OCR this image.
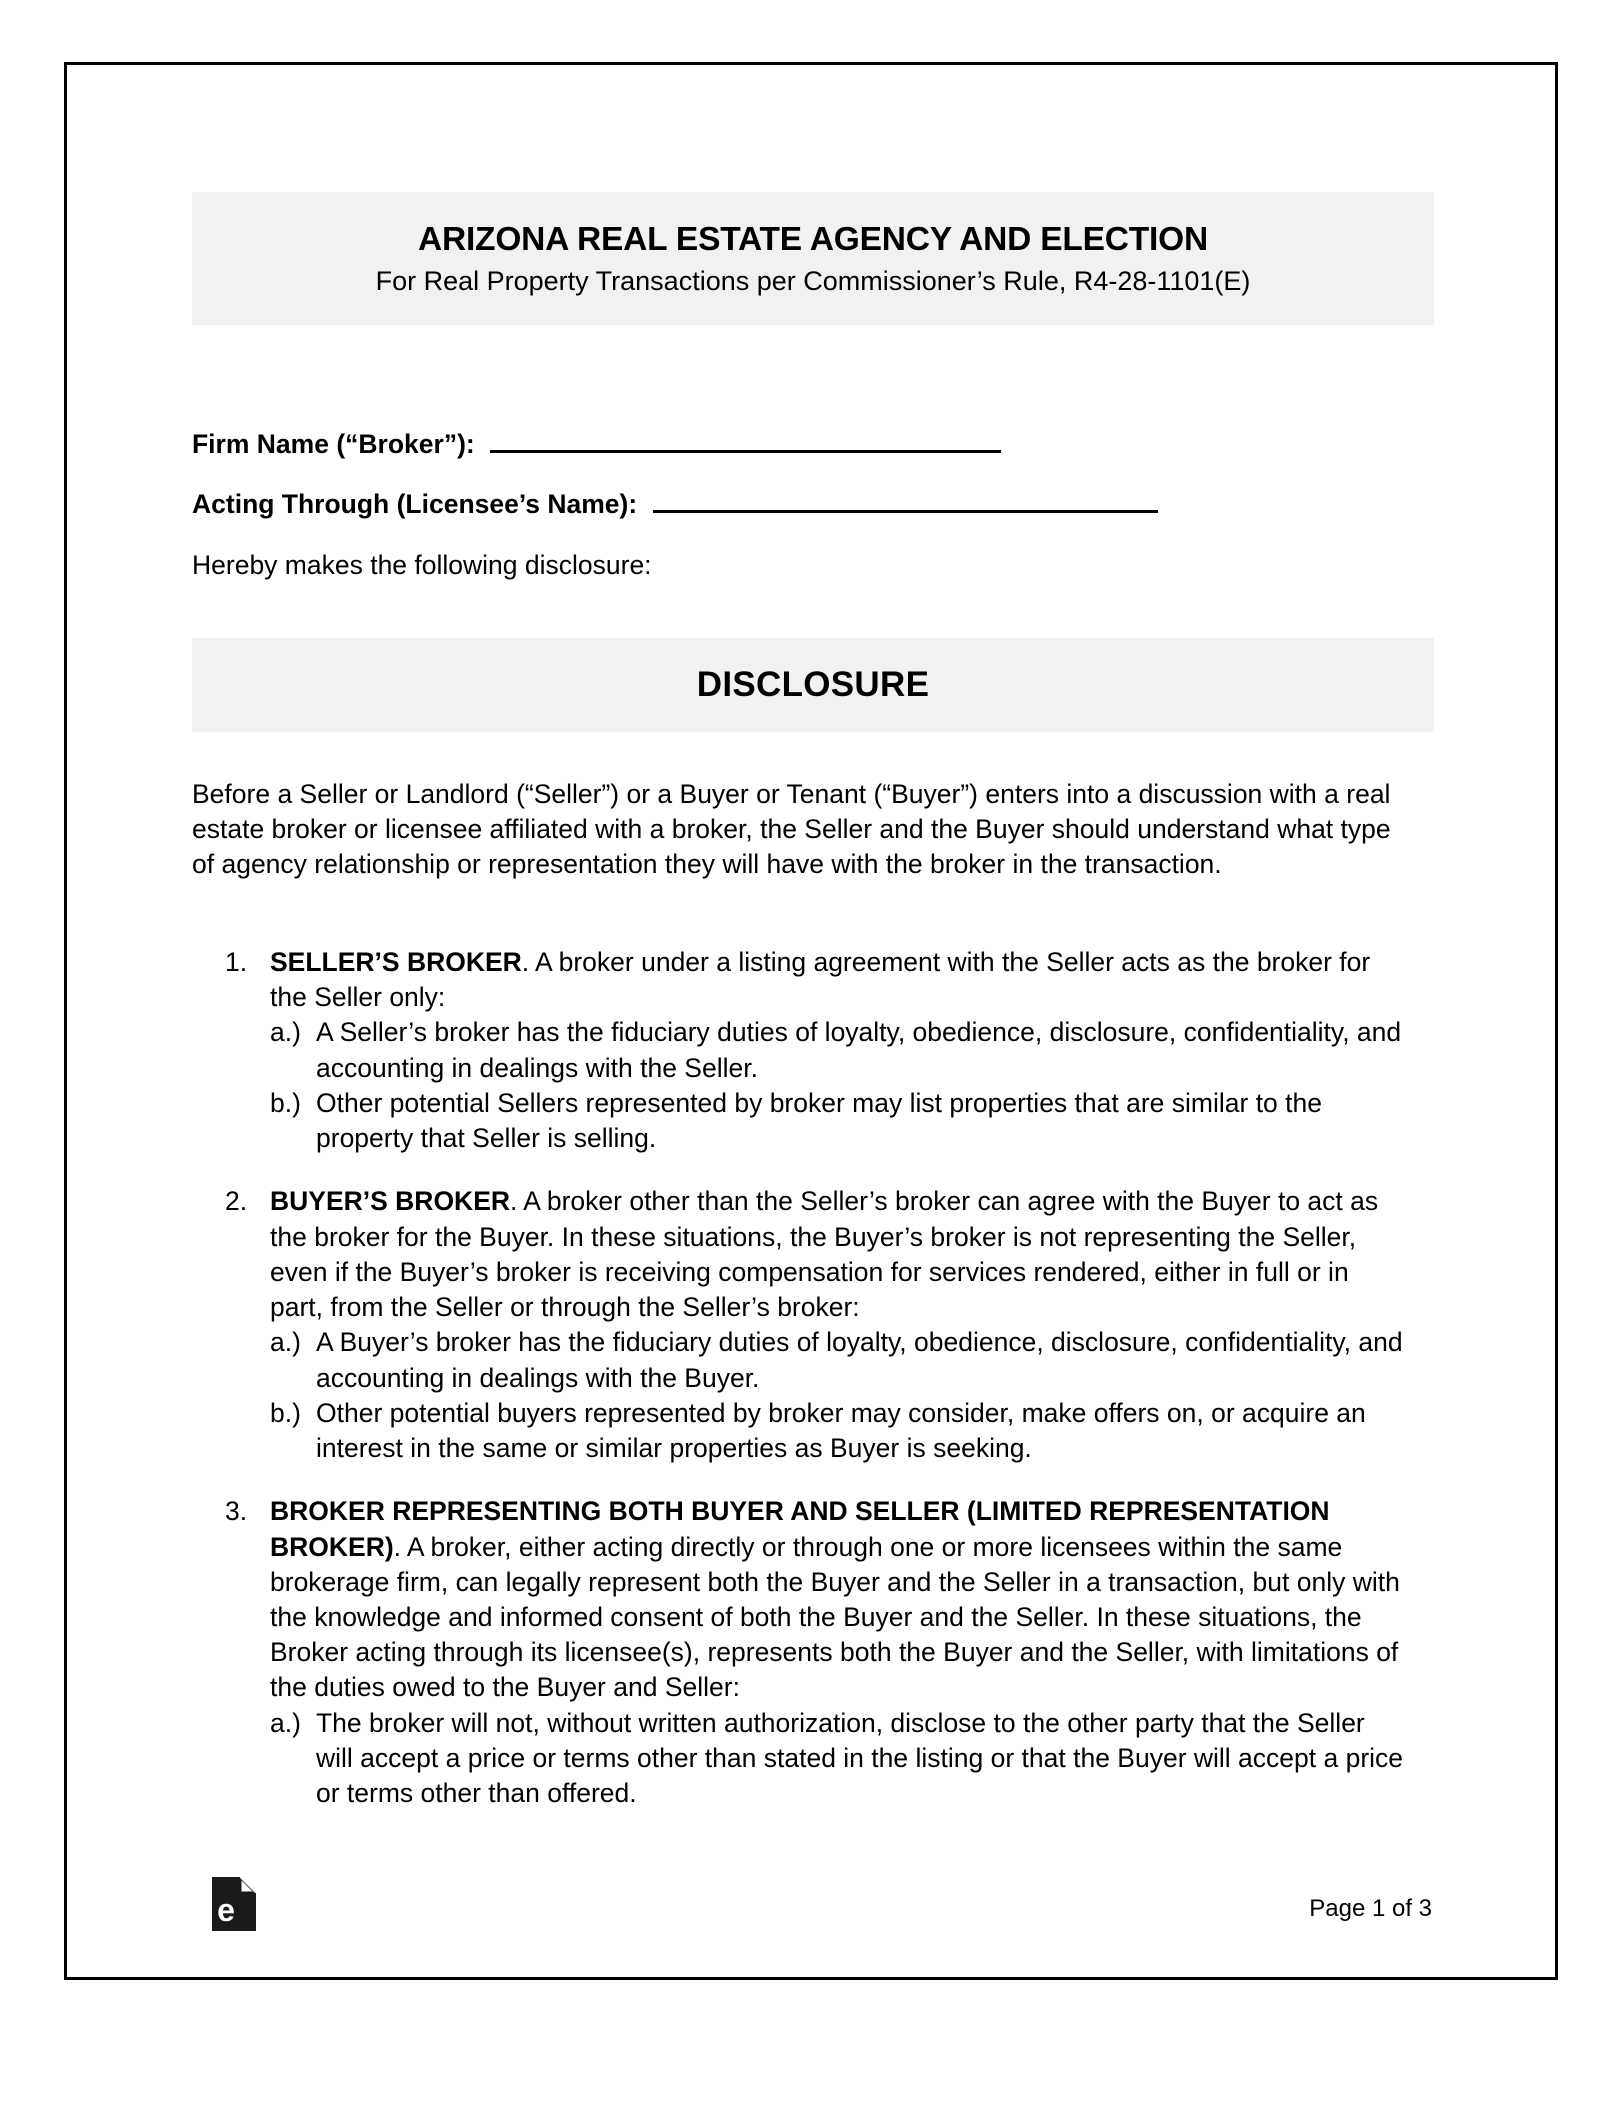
ARIZONA REAL ESTATE AGENCY AND ELECTION
For Real Property Transactions per Commissioner’s Rule, R4-28-1101(E)
Firm Name (“Broker”):
Acting Through (Licensee’s Name):
Hereby makes the following disclosure:
DISCLOSURE
Before a Seller or Landlord (“Seller”) or a Buyer or Tenant (“Buyer”) enters into a discussion with a real estate broker or licensee affiliated with a broker, the Seller and the Buyer should understand what type of agency relationship or representation they will have with the broker in the transaction.
1. SELLER’S BROKER. A broker under a listing agreement with the Seller acts as the broker for the Seller only:
a.) A Seller’s broker has the fiduciary duties of loyalty, obedience, disclosure, confidentiality, and accounting in dealings with the Seller.
b.) Other potential Sellers represented by broker may list properties that are similar to the property that Seller is selling.
2. BUYER’S BROKER. A broker other than the Seller’s broker can agree with the Buyer to act as the broker for the Buyer. In these situations, the Buyer’s broker is not representing the Seller, even if the Buyer’s broker is receiving compensation for services rendered, either in full or in part, from the Seller or through the Seller’s broker:
a.) A Buyer’s broker has the fiduciary duties of loyalty, obedience, disclosure, confidentiality, and accounting in dealings with the Buyer.
b.) Other potential buyers represented by broker may consider, make offers on, or acquire an interest in the same or similar properties as Buyer is seeking.
3. BROKER REPRESENTING BOTH BUYER AND SELLER (LIMITED REPRESENTATION BROKER). A broker, either acting directly or through one or more licensees within the same brokerage firm, can legally represent both the Buyer and the Seller in a transaction, but only with the knowledge and informed consent of both the Buyer and the Seller. In these situations, the Broker acting through its licensee(s), represents both the Buyer and the Seller, with limitations of the duties owed to the Buyer and Seller:
a.) The broker will not, without written authorization, disclose to the other party that the Seller will accept a price or terms other than stated in the listing or that the Buyer will accept a price or terms other than offered.
e	Page 1 of 3
